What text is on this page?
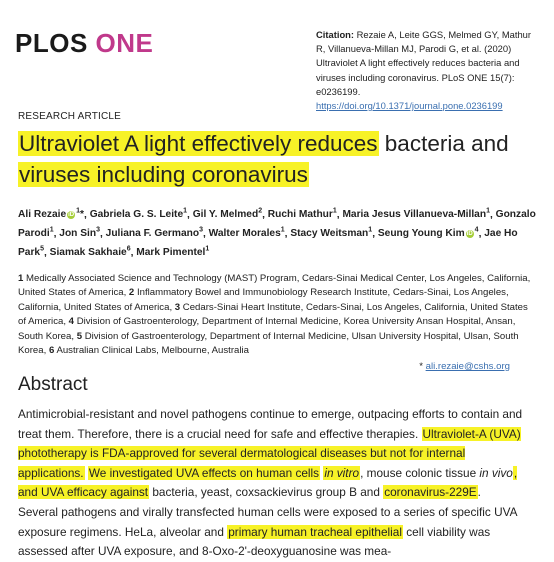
PLOS ONE	Citation: Rezaie A, Leite GGS, Melmed GY, Mathur R, Villanueva-Millan MJ, Parodi G, et al. (2020) Ultraviolet A light effectively reduces bacteria and viruses including coronavirus. PLoS ONE 15(7): e0236199. https://doi.org/10.1371/journal.pone.0236199
RESEARCH ARTICLE
Ultraviolet A light effectively reduces bacteria and viruses including coronavirus
Ali Rezaie iD $^1$*, Gabriela G. S. Leite$^1$, Gil Y. Melmed$^2$, Ruchi Mathur$^1$, Maria Jesus Villanueva-Millan$^1$, Gonzalo Parodi$^1$, Jon Sin$^3$, Juliana F. Germano$^3$, Walter Morales$^1$, Stacy Weitsman$^1$, Seung Young Kim iD $^4$, Jae Ho Park$^5$, Siamak Sakhaie$^6$, Mark Pimentel$^1$
1 Medically Associated Science and Technology (MAST) Program, Cedars-Sinai Medical Center, Los Angeles, California, United States of America, 2 Inflammatory Bowel and Immunobiology Research Institute, Cedars-Sinai, Los Angeles, California, United States of America, 3 Cedars-Sinai Heart Institute, Cedars-Sinai, Los Angeles, California, United States of America, 4 Division of Gastroenterology, Department of Internal Medicine, Korea University Ansan Hospital, Ansan, South Korea, 5 Division of Gastroenterology, Department of Internal Medicine, Ulsan University Hospital, Ulsan, South Korea, 6 Australian Clinical Labs, Melbourne, Australia
* ali.rezaie@cshs.org
Abstract
Antimicrobial-resistant and novel pathogens continue to emerge, outpacing efforts to contain and treat them. Therefore, there is a crucial need for safe and effective therapies. Ultraviolet-A (UVA) phototherapy is FDA-approved for several dermatological diseases but not for internal applications. We investigated UVA effects on human cells in vitro, mouse colonic tissue in vivo, and UVA efficacy against bacteria, yeast, coxsackievirus group B and coronavirus-229E. Several pathogens and virally transfected human cells were exposed to a series of specific UVA exposure regimens. HeLa, alveolar and primary human tracheal epithelial cell viability was assessed after UVA exposure, and 8-Oxo-2'-deoxyguanosine was mea-
